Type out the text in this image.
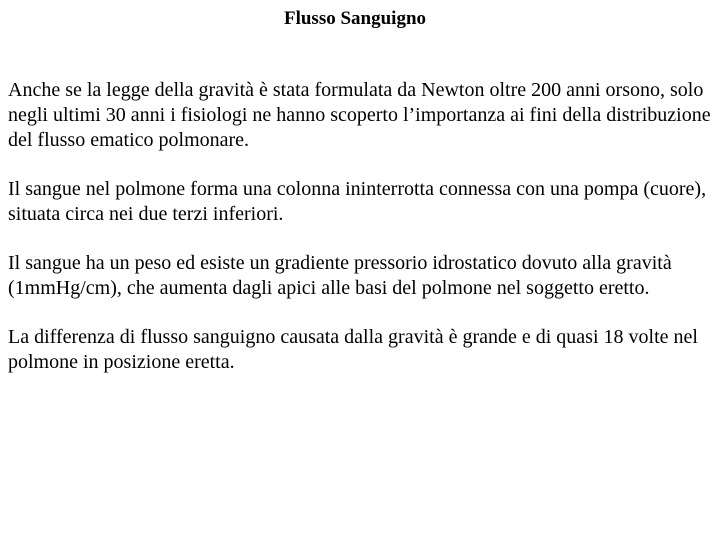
Flusso Sanguigno

Anche se la legge della gravità è stata formulata da Newton oltre 200 anni orsono, solo negli ultimi 30 anni i fisiologi ne hanno scoperto l’importanza ai fini della distribuzione del flusso ematico polmonare.

Il sangue nel polmone forma una colonna ininterrotta connessa con una pompa (cuore), situata circa nei due terzi inferiori.

Il sangue ha un peso ed esiste un gradiente pressorio idrostatico dovuto alla gravità (1mmHg/cm), che aumenta dagli apici alle basi del polmone nel soggetto eretto.

La differenza di flusso sanguigno causata dalla gravità è grande e di quasi 18 volte nel polmone in posizione eretta.
